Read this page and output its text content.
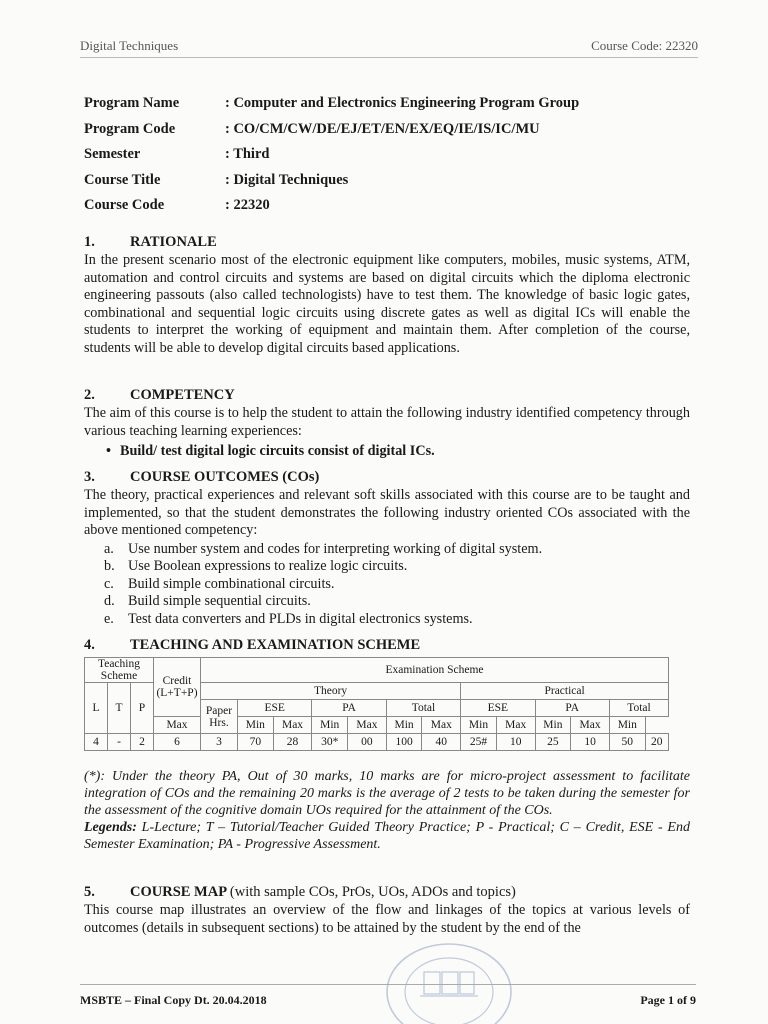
Digital Techniques	Course Code: 22320
Program Name	: Computer and Electronics Engineering Program Group
Program Code	: CO/CM/CW/DE/EJ/ET/EN/EX/EQ/IE/IS/IC/MU
Semester	: Third
Course Title	: Digital Techniques
Course Code	: 22320
1. RATIONALE

In the present scenario most of the electronic equipment like computers, mobiles, music systems, ATM, automation and control circuits and systems are based on digital circuits which the diploma electronic engineering passouts (also called technologists) have to test them. The knowledge of basic logic gates, combinational and sequential logic circuits using discrete gates as well as digital ICs will enable the students to interpret the working of equipment and maintain them. After completion of the course, students will be able to develop digital circuits based applications.

2. COMPETENCY

The aim of this course is to help the student to attain the following industry identified competency through various teaching learning experiences:

• Build/ test digital logic circuits consist of digital ICs.
3. COURSE OUTCOMES (COs)

The theory, practical experiences and relevant soft skills associated with this course are to be taught and implemented, so that the student demonstrates the following industry oriented COs associated with the above mentioned competency:

a. Use number system and codes for interpreting working of digital system.
b. Use Boolean expressions to realize logic circuits.
c. Build simple combinational circuits.
d. Build simple sequential circuits.
e. Test data converters and PLDs in digital electronics systems.
4. TEACHING AND EXAMINATION SCHEME
Teaching Scheme			Credit (L+T+P)	Examination Scheme												

L	T	P		Theory							Practical					
				Paper Hrs.	ESE		PA		Total		ESE		PA		Total	
			Max		Min	Max	Min	Max	Min	Max	Min	Max	Min	Max	Min	
4	-	2	6	3	70	28	30*	00	100	40	25#	10	25	10	50	20

(*): Under the theory PA, Out of 30 marks, 10 marks are for micro-project assessment to facilitate integration of COs and the remaining 20 marks is the average of 2 tests to be taken during the semester for the assessment of the cognitive domain UOs required for the attainment of the COs.

Legends: L-Lecture; T – Tutorial/Teacher Guided Theory Practice; P - Practical; C – Credit, ESE - End Semester Examination; PA - Progressive Assessment.

5. COURSE MAP (with sample COs, PrOs, UOs, ADOs and topics)

This course map illustrates an overview of the flow and linkages of the topics at various levels of outcomes (details in subsequent sections) to be attained by the student by the end of the

MSBTE – Final Copy Dt. 20.04.2018	Page 1 of 9
